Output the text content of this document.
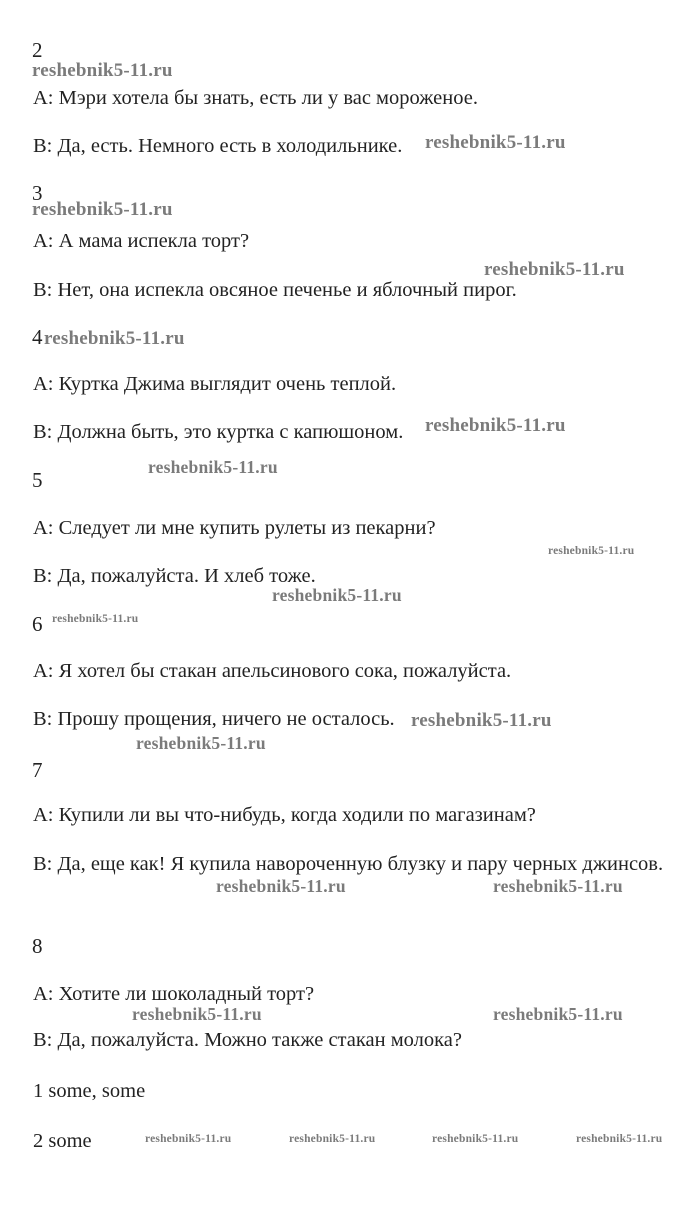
2
reshebnik5-11.ru
А: Мэри хотела бы знать, есть ли у вас мороженое.
В: Да, есть. Немного есть в холодильнике. reshebnik5-11.ru
3
reshebnik5-11.ru
А: А мама испекла торт?
reshebnik5-11.ru
В: Нет, она испекла овсяное печенье и яблочный пирог.
4 reshebnik5-11.ru
А: Куртка Джима выглядит очень теплой.
В: Должна быть, это куртка с капюшоном. reshebnik5-11.ru
reshebnik5-11.ru
5
А: Следует ли мне купить рулеты из пекарни?
reshebnik5-11.ru
В: Да, пожалуйста. И хлеб тоже.
reshebnik5-11.ru
6 reshebnik5-11.ru
А: Я хотел бы стакан апельсинового сока, пожалуйста.
В: Прошу прощения, ничего не осталось. reshebnik5-11.ru
reshebnik5-11.ru
7
А: Купили ли вы что-нибудь, когда ходили по магазинам?
В: Да, еще как! Я купила навороченную блузку и пару черных джинсов.
reshebnik5-11.ru	reshebnik5-11.ru
8
А: Хотите ли шоколадный торт?
reshebnik5-11.ru	reshebnik5-11.ru
В: Да, пожалуйста. Можно также стакан молока?
1 some, some
2 some	reshebnik5-11.ru	reshebnik5-11.ru	reshebnik5-11.ru	reshebnik5-11.ru
